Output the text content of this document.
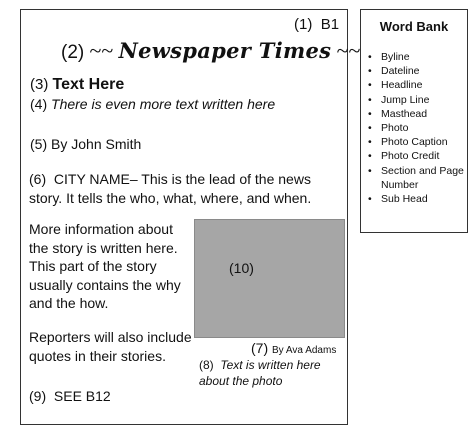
(1) B1
(2) ~~ Newspaper Times ~~
(3) Text Here
(4) There is even more text written here
(5) By John Smith
(6) CITY NAME– This is the lead of the news story. It tells the who, what, where, and when.
More information about the story is written here. This part of the story usually contains the why and the how.
Reporters will also include quotes in their stories.
(9) SEE B12
(10)
(7) By Ava Adams
(8) Text is written here about the photo
Word Bank
• Byline
• Dateline
• Headline
• Jump Line
• Masthead
• Photo
• Photo Caption
• Photo Credit
• Section and Page Number
• Sub Head
